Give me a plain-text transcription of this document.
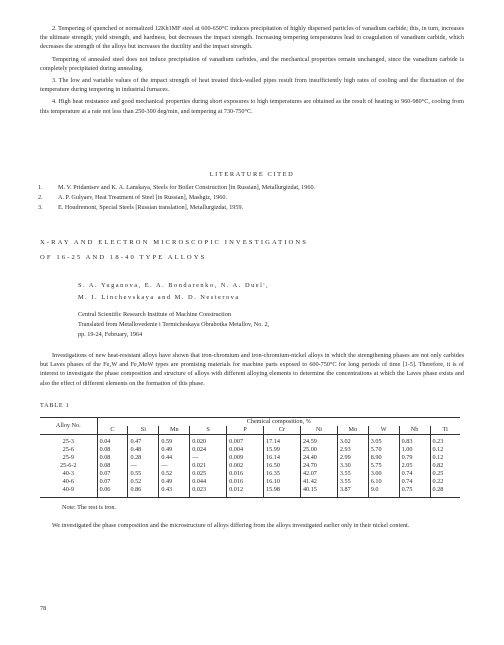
2. Tempering of quenched or normalized 12Kh1MF steel at 600-650°C induces precipitation of highly dispersed particles of vanadium carbide; this, in turn, increases the ultimate strength, yield strength, and hardness, but decreases the impact strength. Increasing tempering temperatures lead to coagulation of vanadium carbide, which decreases the strength of the alloys but increases the ductility and the impact strength.

Tempering of annealed steel does not induce precipitation of vanadium carbides, and the mechanical properties remain unchanged, since the vanadium carbide is completely precipitated during annealing.

3. The low and variable values of the impact strength of heat treated thick-walled pipes result from insufficiently high rates of cooling and the fluctuation of the temperature during tempering in industrial furnaces.

4. High heat resistance and good mechanical properties during short exposures to high temperatures are obtained as the result of heating to 960-980°C, cooling from this temperature at a rate not less than 250-300 deg/min, and tempering at 730-750°C.

LITERATURE CITED
1.	M. V. Pridantsev and K. A. Lanskaya, Steels for Boiler Construction [in Russian], Metallurgizdat, 1960.
2.	A. P. Gulyaev, Heat Treatment of Steel [in Russian], Mashgiz, 1960.
3.	E. Houdremont, Special Steels [Russian translation], Metallurgizdat, 1959.
X-RAY AND ELECTRON MICROSCOPIC INVESTIGATIONS
OF 16-25 AND 18-40 TYPE ALLOYS
S. A. Yuganova, E. A. Bondarenko, N. A. Duel',
M. I. Linchevskaya and M. D. Nesterova
Central Scientific Research Institute of Machine Construction
Translated from Metallovedenie i Termicheskaya Obrabotka Metallov, No. 2,
pp. 19-24, February, 1964

Investigations of new heat-resistant alloys have shown that iron-chromium and iron-chromium-nickel alloys in which the strengthening phases are not only carbides but Laves phases of the Fe₂W and Fe₂MoW types are promising materials for machine parts exposed to 600-750°C for long periods of time [1-5]. Therefore, it is of interest to investigate the phase composition and structure of alloys with different alloying elements to determine the concentrations at which the Laves phase exists and also the effect of different elements on the formation of this phase.

TABLE 1
Alloy No.	Chemical composition, %										
	C	Si	Mn	S	P	Cr	Ni	Mo	W	Nb	Ti
25-3	0.04	0.47	0.59	0.020	0.007	17.14	24.59	3.02	3.05	0.83	0.23
25-6	0.08	0.48	0.49	0.024	0.004	15.99	25.00	2.93	5.70	1.00	0.12
25-9	0.08	0.28	0.44	—	0.009	16.14	24.40	2.99	8.90	0.79	0.12
25-6-2	0.08	—	—	0.021	0.002	16.50	24.70	3.30	5.75	2.05	0.82
40-3	0.07	0.55	0.52	0.025	0.016	16.35	42.07	3.55	3.00	0.74	0.25
40-6	0.07	0.52	0.49	0.044	0.016	16.10	41.42	3.55	6.10	0.74	0.22
40-9	0.06	0.86	0.43	0.023	0.012	15.98	40.15	3.87	9.0	0.75	0.28
Note: The rest is iron.

We investigated the phase composition and the microstructure of alloys differing from the alloys investigated earlier only in their nickel content.

78
